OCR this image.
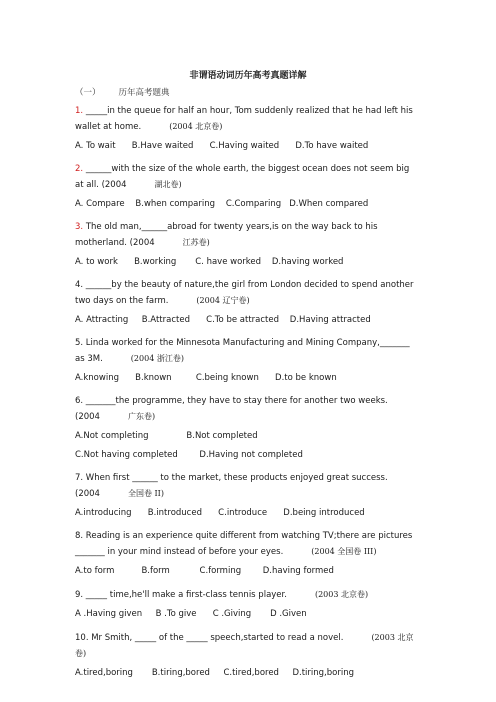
非谓语动词历年高考真题详解
（一） 历年高考题典
1. _____in the queue for half an hour, Tom suddenly realized that he had left his
wallet at home.	(2004 北京卷)
A. To wait      B.Have waited      C.Having waited      D.To have waited
2. ______with the size of the whole earth, the biggest ocean does not seem big
at all. (2004	湖北卷)
A. Compare    B.when comparing    C.Comparing   D.When compared
3. The old man,______abroad for twenty years,is on the way back to his
motherland. (2004	江苏卷)
A. to work      B.working       C. have worked    D.having worked
4. ______by the beauty of nature,the girl from London decided to spend another
two days on the farm.	(2004 辽宁卷)
A. Attracting     B.Attracted      C.To be attracted    D.Having attracted
5. Linda worked for the Minnesota Manufacturing and Mining Company,_______
as 3M.	(2004 浙江卷)
A.knowing      B.known         C.being known      D.to be known
6. _______the programme, they have to stay there for another two weeks.
(2004	广东卷)
A.Not completing              B.Not completed
C.Not having completed        D.Having not completed
7. When first ______ to the market, these products enjoyed great success.
(2004	全国卷 II)
A.introducing      B.introduced      C.introduce      D.being introduced
8. Reading is an experience quite different from watching TV;there are pictures
_______ in your mind instead of before your eyes.	(2004 全国卷 III)
A.to form          B.form           C.forming        D.having formed
9. _____ time,he'll make a first-class tennis player.	(2003 北京卷)
A .Having given     B .To give      C .Giving       D .Given
10. Mr Smith, _____ of the _____ speech,started to read a novel.	(2003 北京
卷)
A.tired,boring       B.tiring,bored     C.tired,bored     D.tiring,boring
